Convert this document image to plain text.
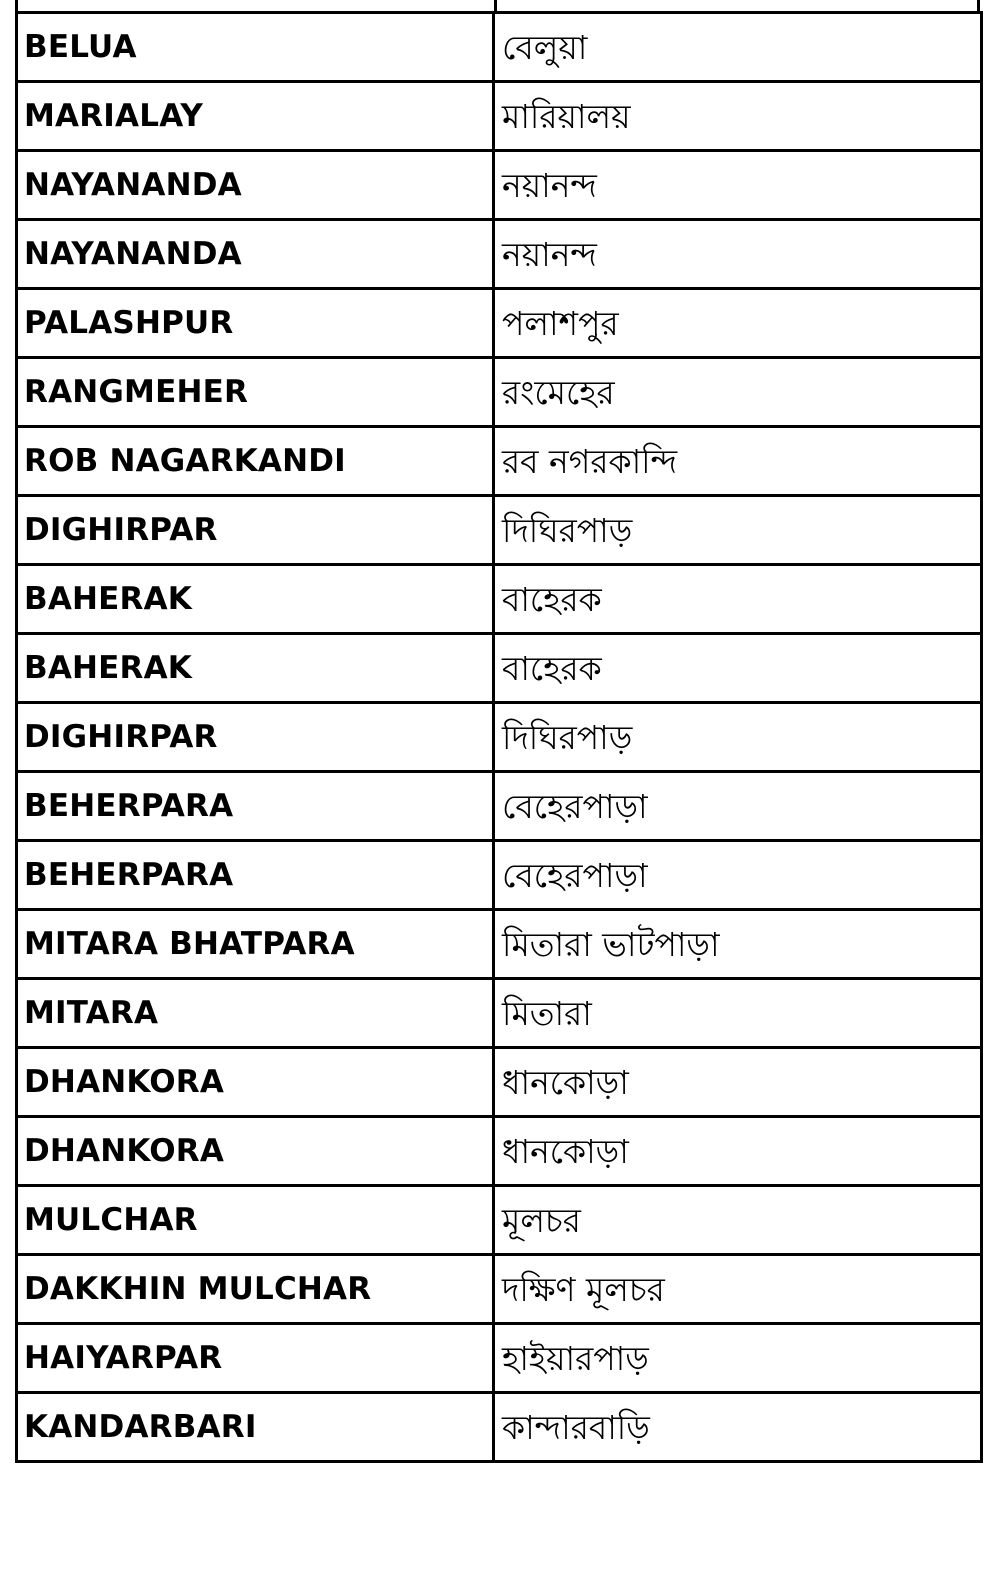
BELUA	বেলুয়া
MARIALAY	মারিয়ালয়
NAYANANDA	নয়ানন্দ
NAYANANDA	নয়ানন্দ
PALASHPUR	পলাশপুর
RANGMEHER	রংমেহের
ROB NAGARKANDI	রব নগরকান্দি
DIGHIRPAR	দিঘিরপাড়
BAHERAK	বাহেরক
BAHERAK	বাহেরক
DIGHIRPAR	দিঘিরপাড়
BEHERPARA	বেহেরপাড়া
BEHERPARA	বেহেরপাড়া
MITARA BHATPARA	মিতারা ভাটপাড়া
MITARA	মিতারা
DHANKORA	ধানকোড়া
DHANKORA	ধানকোড়া
MULCHAR	মূলচর
DAKKHIN MULCHAR	দক্ষিণ মূলচর
HAIYARPAR	হাইয়ারপাড়
KANDARBARI	কান্দারবাড়ি
